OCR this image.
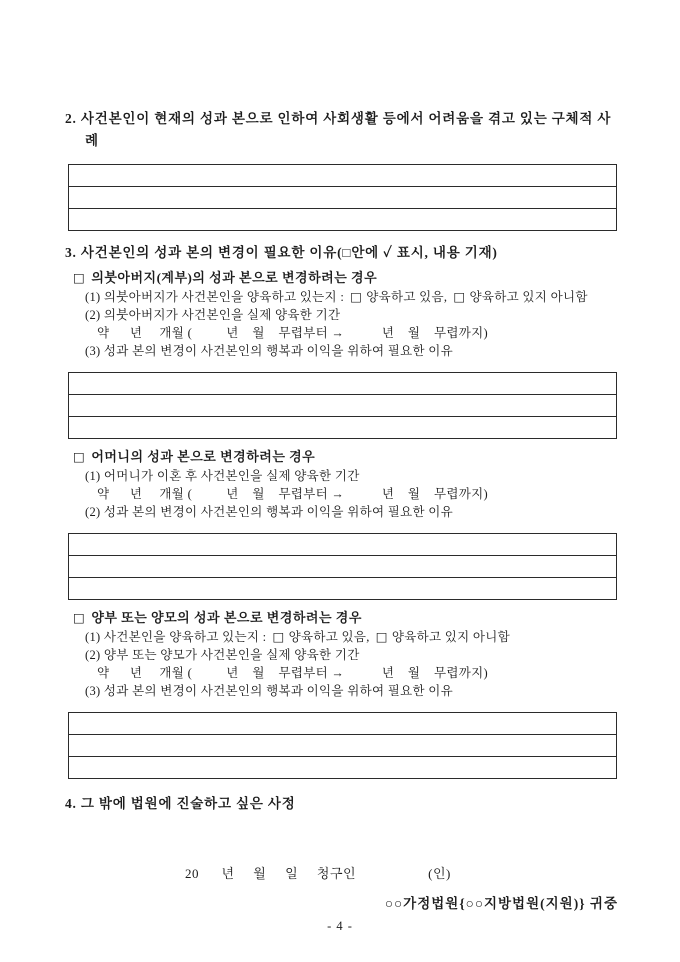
2. 사건본인이 현재의 성과 본으로 인하여 사회생활 등에서 어려움을 겪고 있는 구체적 사례
3. 사건본인의 성과 본의 변경이 필요한 이유(□안에 ✓ 표시, 내용 기재)
□ 의붓아버지(계부)의 성과 본으로 변경하려는 경우
(1) 의붓아버지가 사건본인을 양육하고 있는지 : □ 양육하고 있음, □ 양육하고 있지 아니함
(2) 의붓아버지가 사건본인을 실제 양육한 기간
약      년     개월 (          년    월    무렵부터 →           년    월    무렵까지)
(3) 성과 본의 변경이 사건본인의 행복과 이익을 위하여 필요한 이유
□ 어머니의 성과 본으로 변경하려는 경우
(1) 어머니가 이혼 후 사건본인을 실제 양육한 기간
약      년     개월 (          년    월    무렵부터 →           년    월    무렵까지)
(2) 성과 본의 변경이 사건본인의 행복과 이익을 위하여 필요한 이유
□ 양부 또는 양모의 성과 본으로 변경하려는 경우
(1) 사건본인을 양육하고 있는지 : □ 양육하고 있음, □ 양육하고 있지 아니함
(2) 양부 또는 양모가 사건본인을 실제 양육한 기간
약      년     개월 (          년    월    무렵부터 →           년    월    무렵까지)
(3) 성과 본의 변경이 사건본인의 행복과 이익을 위하여 필요한 이유
4. 그 밖에 법원에 진술하고 싶은 사정
20      년     월     일     청구인	(인)
○○가정법원{○○지방법원(지원)} 귀중
- 4 -
